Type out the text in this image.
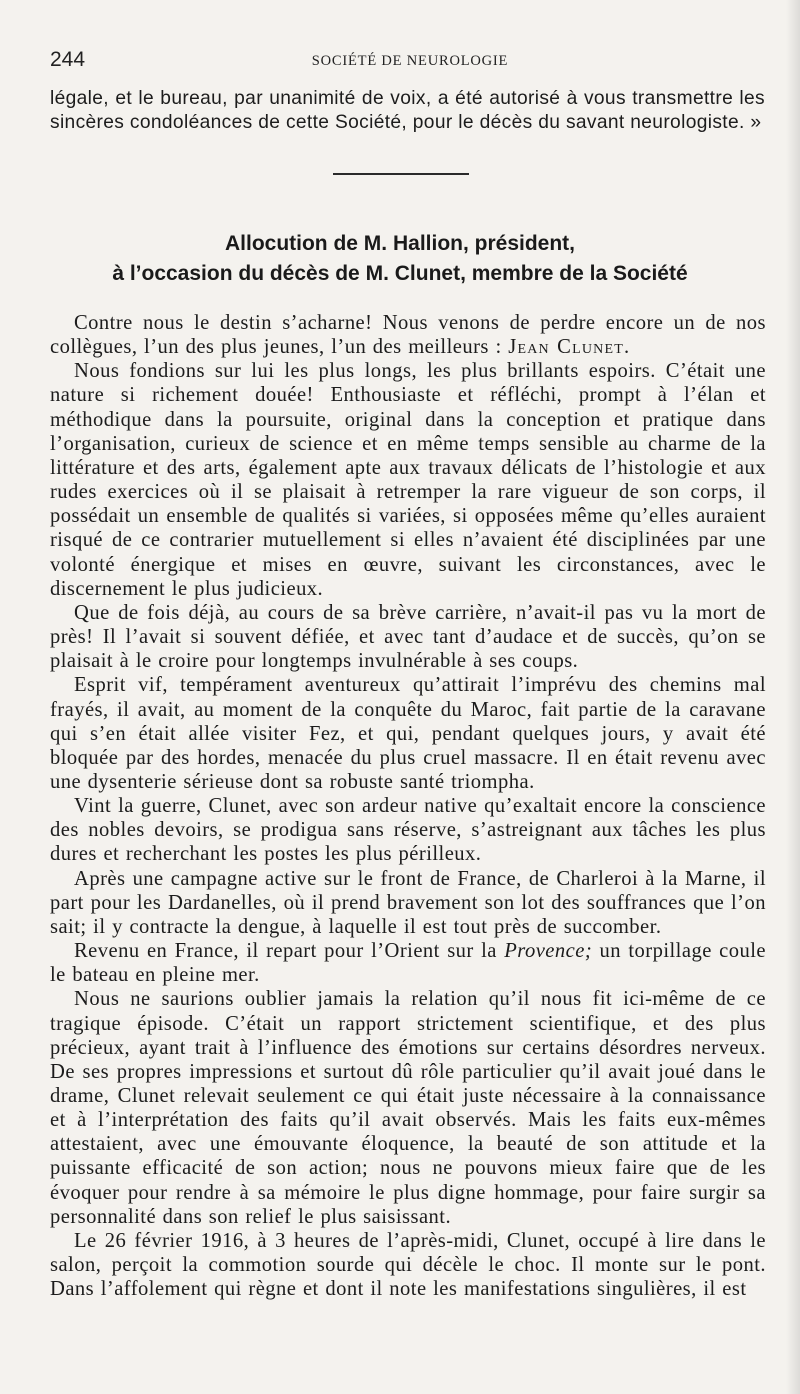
244	SOCIÉTÉ DE NEUROLOGIE

légale, et le bureau, par unanimité de voix, a été autorisé à vous transmettre les sincères condoléances de cette Société, pour le décès du savant neurologiste. »

Allocution de M. Hallion, président,
à l’occasion du décès de M. Clunet, membre de la Société

Contre nous le destin s’acharne! Nous venons de perdre encore un de nos collègues, l’un des plus jeunes, l’un des meilleurs : Jean Clunet.

Nous fondions sur lui les plus longs, les plus brillants espoirs. C’était une nature si richement douée! Enthousiaste et réfléchi, prompt à l’élan et méthodique dans la poursuite, original dans la conception et pratique dans l’organisation, curieux de science et en même temps sensible au charme de la littérature et des arts, également apte aux travaux délicats de l’histologie et aux rudes exercices où il se plaisait à retremper la rare vigueur de son corps, il possédait un ensemble de qualités si variées, si opposées même qu’elles auraient risqué de ce contrarier mutuellement si elles n’avaient été disciplinées par une volonté énergique et mises en œuvre, suivant les circonstances, avec le discernement le plus judicieux.

Que de fois déjà, au cours de sa brève carrière, n’avait-il pas vu la mort de près! Il l’avait si souvent défiée, et avec tant d’audace et de succès, qu’on se plaisait à le croire pour longtemps invulnérable à ses coups.

Esprit vif, tempérament aventureux qu’attirait l’imprévu des chemins mal frayés, il avait, au moment de la conquête du Maroc, fait partie de la caravane qui s’en était allée visiter Fez, et qui, pendant quelques jours, y avait été bloquée par des hordes, menacée du plus cruel massacre. Il en était revenu avec une dysenterie sérieuse dont sa robuste santé triompha.

Vint la guerre, Clunet, avec son ardeur native qu’exaltait encore la conscience des nobles devoirs, se prodigua sans réserve, s’astreignant aux tâches les plus dures et recherchant les postes les plus périlleux.

Après une campagne active sur le front de France, de Charleroi à la Marne, il part pour les Dardanelles, où il prend bravement son lot des souffrances que l’on sait; il y contracte la dengue, à laquelle il est tout près de succomber.

Revenu en France, il repart pour l’Orient sur la Provence; un torpillage coule le bateau en pleine mer.

Nous ne saurions oublier jamais la relation qu’il nous fit ici-même de ce tragique épisode. C’était un rapport strictement scientifique, et des plus précieux, ayant trait à l’influence des émotions sur certains désordres nerveux. De ses propres impressions et surtout dû rôle particulier qu’il avait joué dans le drame, Clunet relevait seulement ce qui était juste nécessaire à la connaissance et à l’interprétation des faits qu’il avait observés. Mais les faits eux-mêmes attestaient, avec une émouvante éloquence, la beauté de son attitude et la puissante efficacité de son action; nous ne pouvons mieux faire que de les évoquer pour rendre à sa mémoire le plus digne hommage, pour faire surgir sa personnalité dans son relief le plus saisissant.

Le 26 février 1916, à 3 heures de l’après-midi, Clunet, occupé à lire dans le salon, perçoit la commotion sourde qui décèle le choc. Il monte sur le pont. Dans l’affolement qui règne et dont il note les manifestations singulières, il est
